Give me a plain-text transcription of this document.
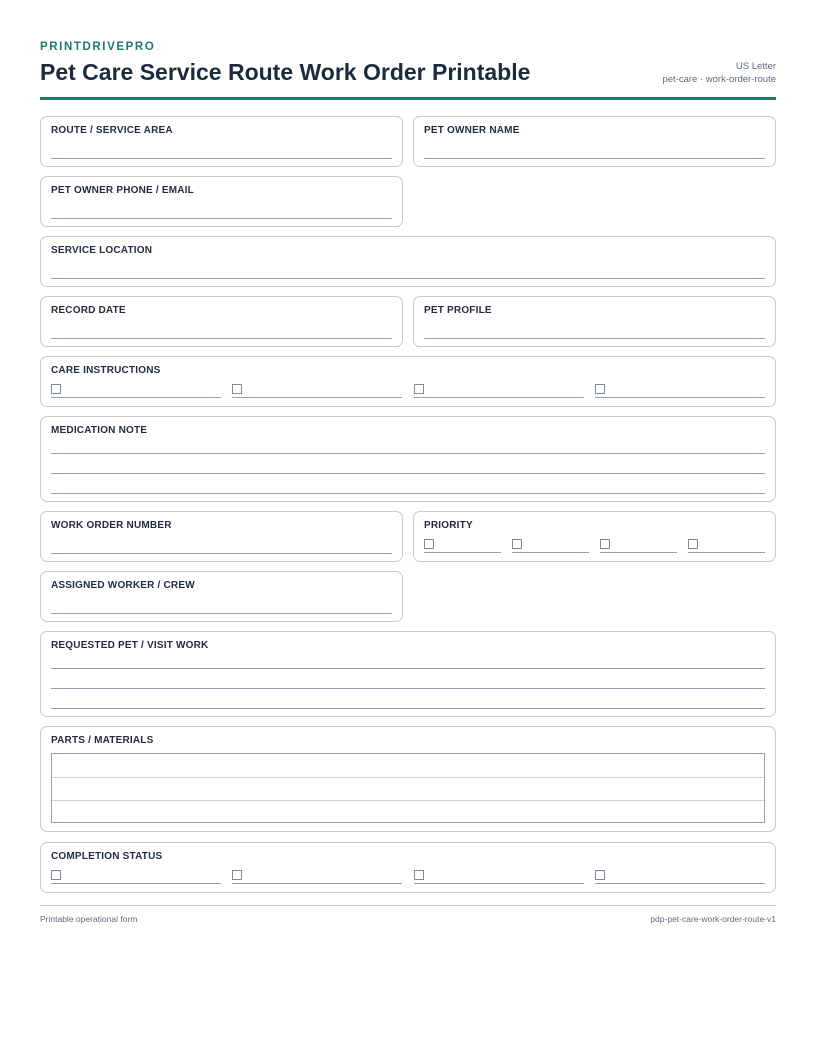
PRINTDRIVEPRO
Pet Care Service Route Work Order Printable	US Letter
pet-care · work-order-route
ROUTE / SERVICE AREA	PET OWNER NAME
PET OWNER PHONE / EMAIL
SERVICE LOCATION
RECORD DATE	PET PROFILE
CARE INSTRUCTIONS
MEDICATION NOTE
WORK ORDER NUMBER	PRIORITY
ASSIGNED WORKER / CREW
REQUESTED PET / VISIT WORK
PARTS / MATERIALS
COMPLETION STATUS
Printable operational form	pdp-pet-care-work-order-route-v1
